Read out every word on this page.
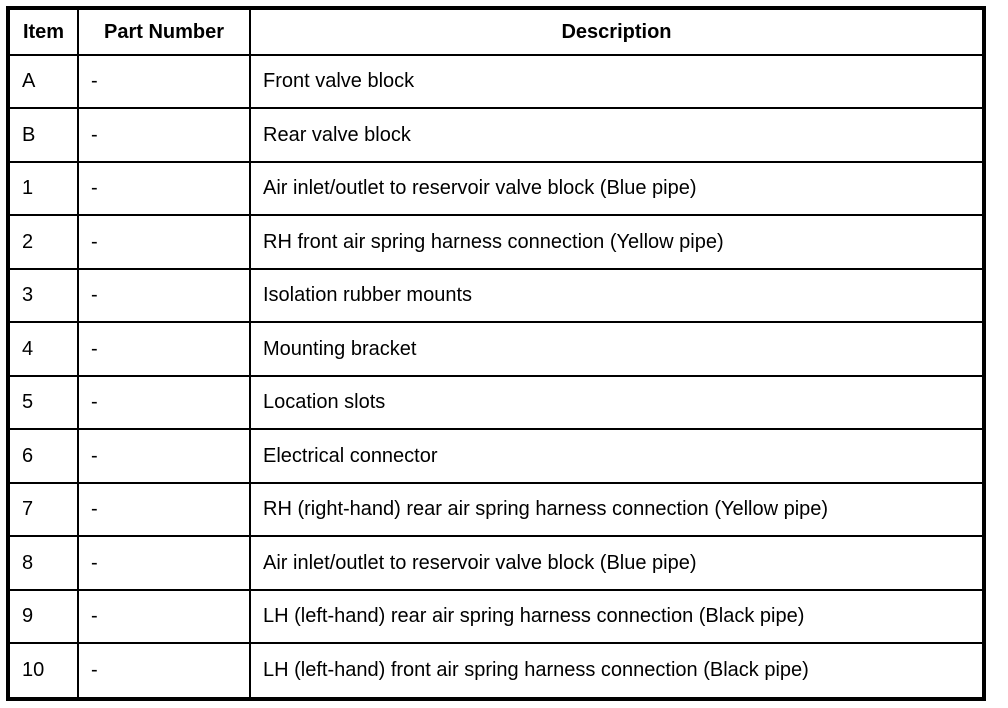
Item	Part Number	Description
A	-	Front valve block
B	-	Rear valve block
1	-	Air inlet/outlet to reservoir valve block (Blue pipe)
2	-	RH front air spring harness connection (Yellow pipe)
3	-	Isolation rubber mounts
4	-	Mounting bracket
5	-	Location slots
6	-	Electrical connector
7	-	RH (right-hand) rear air spring harness connection (Yellow pipe)
8	-	Air inlet/outlet to reservoir valve block (Blue pipe)
9	-	LH (left-hand) rear air spring harness connection (Black pipe)
10	-	LH (left-hand) front air spring harness connection (Black pipe)
